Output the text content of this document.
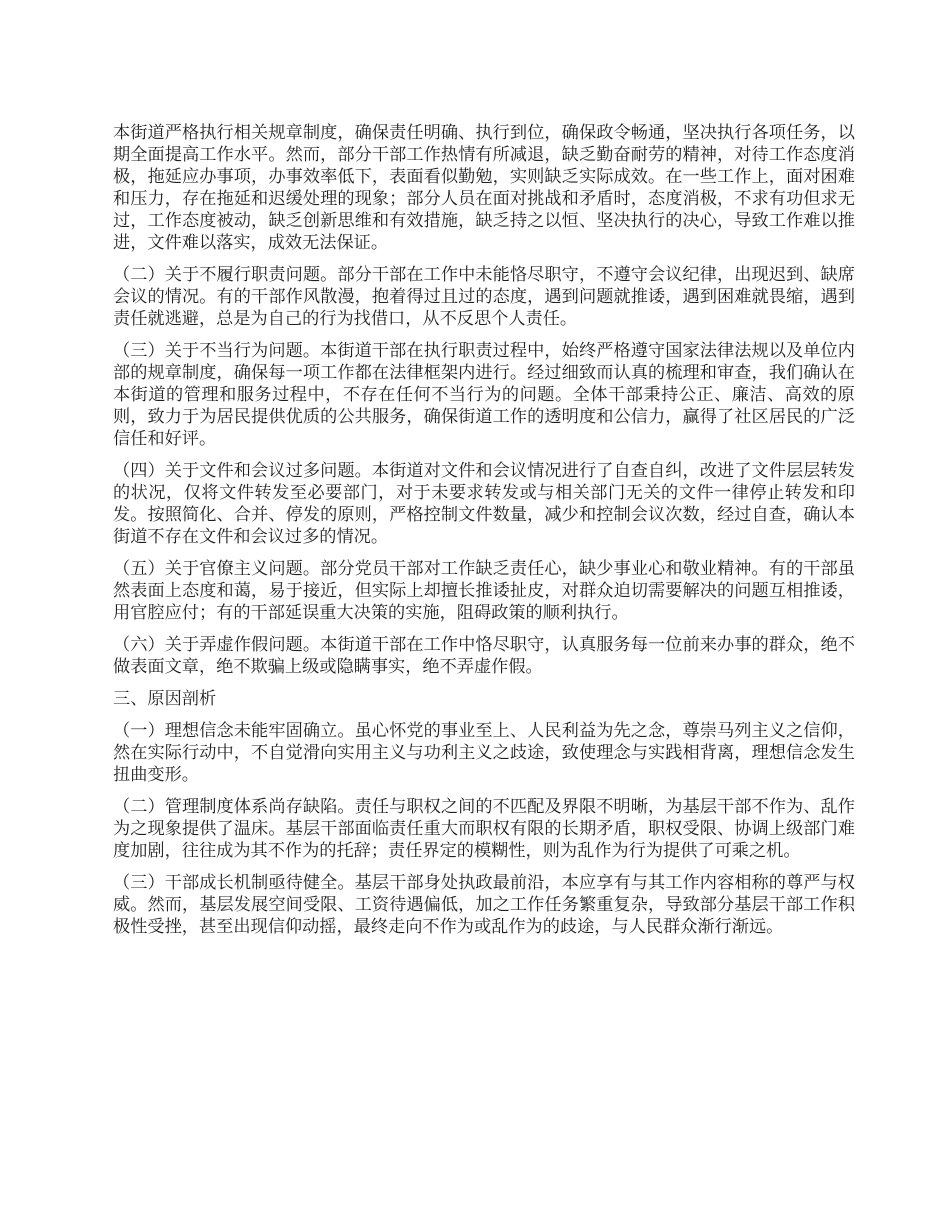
本街道严格执行相关规章制度，确保责任明确、执行到位，确保政令畅通，坚决执行各项任务，以期全面提高工作水平。然而，部分干部工作热情有所减退，缺乏勤奋耐劳的精神，对待工作态度消极，拖延应办事项，办事效率低下，表面看似勤勉，实则缺乏实际成效。在一些工作上，面对困难和压力，存在拖延和迟缓处理的现象；部分人员在面对挑战和矛盾时，态度消极，不求有功但求无过，工作态度被动，缺乏创新思维和有效措施，缺乏持之以恒、坚决执行的决心，导致工作难以推进，文件难以落实，成效无法保证。

（二）关于不履行职责问题。部分干部在工作中未能恪尽职守，不遵守会议纪律，出现迟到、缺席会议的情况。有的干部作风散漫，抱着得过且过的态度，遇到问题就推诿，遇到困难就畏缩，遇到责任就逃避，总是为自己的行为找借口，从不反思个人责任。

（三）关于不当行为问题。本街道干部在执行职责过程中，始终严格遵守国家法律法规以及单位内部的规章制度，确保每一项工作都在法律框架内进行。经过细致而认真的梳理和审查，我们确认在本街道的管理和服务过程中，不存在任何不当行为的问题。全体干部秉持公正、廉洁、高效的原则，致力于为居民提供优质的公共服务，确保街道工作的透明度和公信力，赢得了社区居民的广泛信任和好评。

（四）关于文件和会议过多问题。本街道对文件和会议情况进行了自查自纠，改进了文件层层转发的状况，仅将文件转发至必要部门，对于未要求转发或与相关部门无关的文件一律停止转发和印发。按照简化、合并、停发的原则，严格控制文件数量，减少和控制会议次数，经过自查，确认本街道不存在文件和会议过多的情况。

（五）关于官僚主义问题。部分党员干部对工作缺乏责任心，缺少事业心和敬业精神。有的干部虽然表面上态度和蔼，易于接近，但实际上却擅长推诿扯皮，对群众迫切需要解决的问题互相推诿，用官腔应付；有的干部延误重大决策的实施，阻碍政策的顺利执行。

（六）关于弄虚作假问题。本街道干部在工作中恪尽职守，认真服务每一位前来办事的群众，绝不做表面文章，绝不欺骗上级或隐瞒事实，绝不弄虚作假。

三、原因剖析

（一）理想信念未能牢固确立。虽心怀党的事业至上、人民利益为先之念，尊崇马列主义之信仰，然在实际行动中，不自觉滑向实用主义与功利主义之歧途，致使理念与实践相背离，理想信念发生扭曲变形。

（二）管理制度体系尚存缺陷。责任与职权之间的不匹配及界限不明晰，为基层干部不作为、乱作为之现象提供了温床。基层干部面临责任重大而职权有限的长期矛盾，职权受限、协调上级部门难度加剧，往往成为其不作为的托辞；责任界定的模糊性，则为乱作为行为提供了可乘之机。

（三）干部成长机制亟待健全。基层干部身处执政最前沿，本应享有与其工作内容相称的尊严与权威。然而，基层发展空间受限、工资待遇偏低，加之工作任务繁重复杂，导致部分基层干部工作积极性受挫，甚至出现信仰动摇，最终走向不作为或乱作为的歧途，与人民群众渐行渐远。
